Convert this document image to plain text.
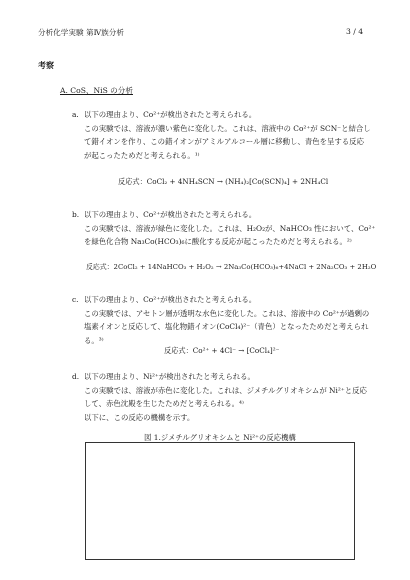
分析化学実験 第Ⅳ族分析	3 / 4
考察
A. CoS、NiS の分析
a. 以下の理由より、Co²⁺が検出されたと考えられる。
この実験では、溶液が濃い紫色に変化した。これは、溶液中の Co²⁺が SCN⁻と結合し
て錯イオンを作り、この錯イオンがアミルアルコール層に移動し、青色を呈する反応
が起こったためだと考えられる。¹⁾
反応式：CoCl₂ + 4NH₄SCN → (NH₄)₂[Co(SCN)₄] + 2NH₄Cl
b. 以下の理由より、Co²⁺が検出されたと考えられる。
この実験では、溶液が緑色に変化した。これは、H₂O₂が、NaHCO₃ 性において、Co²⁺
を緑色化合物 Na₃Co(HCO₃)₆に酸化する反応が起こったためだと考えられる。²⁾
反応式：2CoCl₂ + 14NaHCO₃ + H₂O₂ → 2Na₃Co(HCO₃)₆+4NaCl + 2Na₂CO₃ + 2H₂O
c. 以下の理由より、Co²⁺が検出されたと考えられる。
この実験では、アセトン層が透明な水色に変化した。これは、溶液中の Co²⁺が過剰の
塩素イオンと反応して、塩化物錯イオン(CoCl₄)²⁻（青色）となったためだと考えられ
る。³⁾
反応式：Co²⁺ + 4Cl⁻ → [CoCl₄]²⁻
d. 以下の理由より、Ni²⁺が検出されたと考えられる。
この実験では、溶液が赤色に変化した。これは、ジメチルグリオキシムが Ni²⁺と反応
して、赤色沈殿を生じたためだと考えられる。⁴⁾
以下に、この反応の機構を示す。
図 1.ジメチルグリオキシムと Ni²⁺の反応機構
